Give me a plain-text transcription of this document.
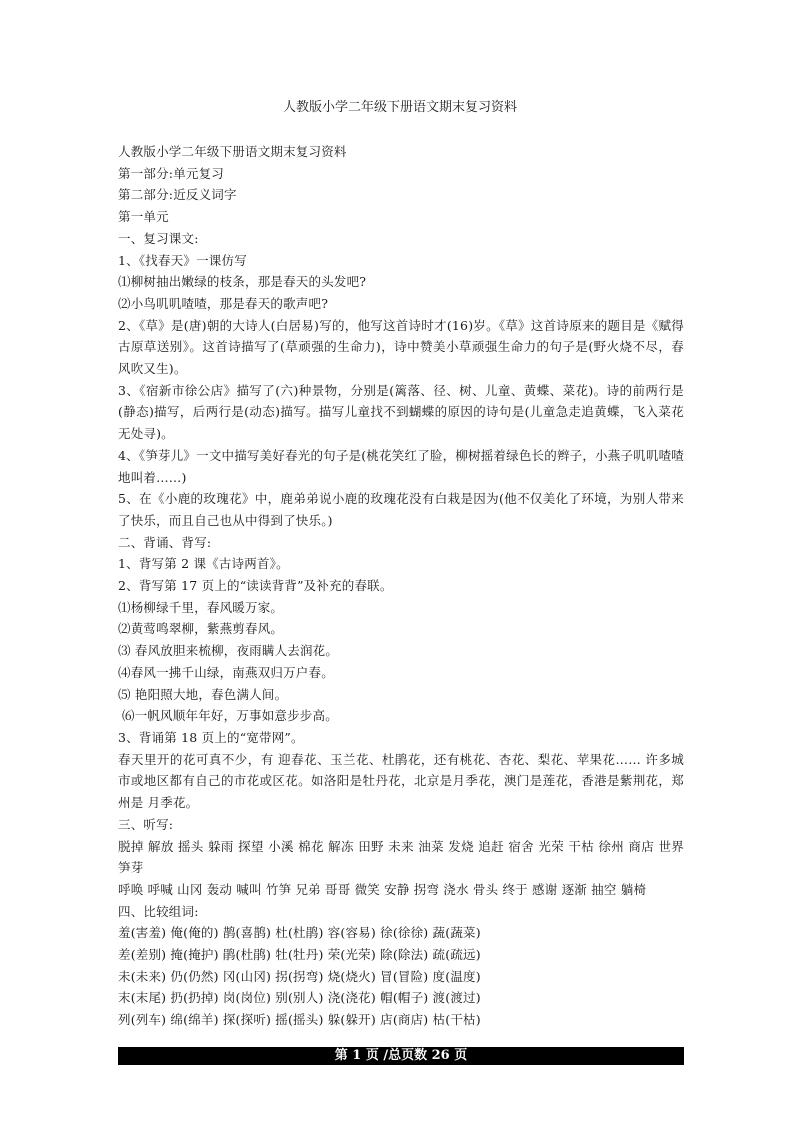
人教版小学二年级下册语文期末复习资料
人教版小学二年级下册语文期末复习资料
第一部分:单元复习
第二部分:近反义词字
第一单元
一、复习课文:
1、《找春天》一课仿写
⑴柳树抽出嫩绿的枝条，那是春天的头发吧?
⑵小鸟叽叽喳喳，那是春天的歌声吧?
2、《草》是(唐)朝的大诗人(白居易)写的，他写这首诗时才(16)岁。《草》这首诗原来的题目是《赋得古原草送别》。这首诗描写了(草顽强的生命力)，诗中赞美小草顽强生命力的句子是(野火烧不尽，春风吹又生)。
3、《宿新市徐公店》描写了(六)种景物，分别是(篱落、径、树、儿童、黄蝶、菜花)。诗的前两行是(静态)描写，后两行是(动态)描写。描写儿童找不到蝴蝶的原因的诗句是(儿童急走追黄蝶，飞入菜花无处寻)。
4、《笋芽儿》一文中描写美好春光的句子是(桃花笑红了脸，柳树摇着绿色长的辫子，小燕子叽叽喳喳地叫着……)
5、在《小鹿的玫瑰花》中，鹿弟弟说小鹿的玫瑰花没有白栽是因为(他不仅美化了环境，为别人带来了快乐，而且自己也从中得到了快乐。)
二、背诵、背写:
1、背写第 2 课《古诗两首》。
2、背写第 17 页上的“读读背背”及补充的春联。
⑴杨柳绿千里，春风暖万家。
⑵黄莺鸣翠柳，紫燕剪春风。
⑶ 春风放胆来梳柳，夜雨瞒人去润花。
⑷春风一拂千山绿，南燕双归万户春。
⑸ 艳阳照大地，春色满人间。
⑹一帆风顺年年好，万事如意步步高。
3、背诵第 18 页上的“宽带网”。
春天里开的花可真不少，有 迎春花、玉兰花、杜鹃花，还有桃花、杏花、梨花、苹果花…… 许多城市或地区都有自己的市花或区花。如洛阳是牡丹花，北京是月季花，澳门是莲花，香港是紫荆花，郑州是 月季花。
三、听写:
脱掉 解放 摇头 躲雨 探望 小溪 棉花 解冻 田野 未来 油菜 发烧 追赶 宿舍 光荣 干枯 徐州 商店 世界 笋芽
呼唤 呼喊 山冈 轰动 喊叫 竹笋 兄弟 哥哥 微笑 安静 拐弯 浇水 骨头 终于 感谢 逐渐 抽空 躺椅
四、比较组词:
羞(害羞) 俺(俺的) 鹊(喜鹊) 杜(杜鹃) 容(容易) 徐(徐徐) 蔬(蔬菜)
差(差别) 掩(掩护) 鹃(杜鹃) 牡(牡丹) 荣(光荣) 除(除法) 疏(疏远)
未(未来) 仍(仍然) 冈(山冈) 拐(拐弯) 烧(烧火) 冒(冒险) 度(温度)
末(末尾) 扔(扔掉) 岗(岗位) 别(别人) 浇(浇花) 帽(帽子) 渡(渡过)
列(列车) 绵(绵羊) 探(探听) 摇(摇头) 躲(躲开) 店(商店) 枯(干枯)
第 1 页 /总页数 26 页
